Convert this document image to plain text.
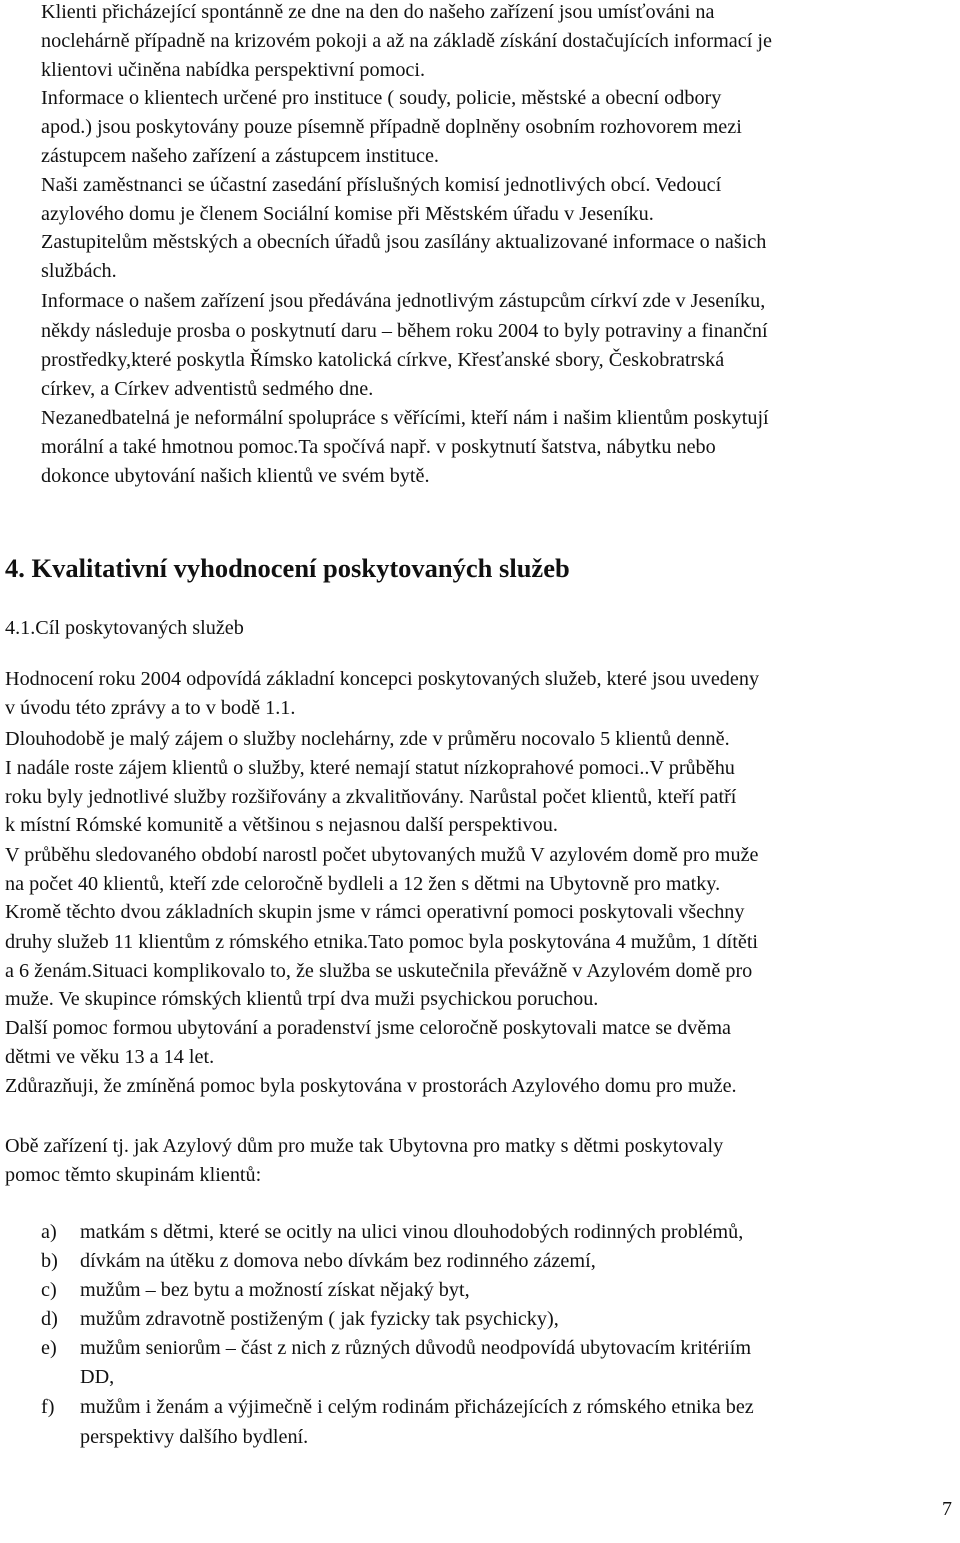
Klienti přicházející spontánně ze dne na den do našeho zařízení jsou umísťováni na
noclehárně případně na krizovém pokoji a až na základě získání dostačujících informací je
klientovi učiněna nabídka perspektivní pomoci.
Informace o klientech určené pro instituce ( soudy, policie, městské a obecní odbory
apod.) jsou poskytovány pouze písemně případně doplněny osobním rozhovorem mezi
zástupcem našeho zařízení a zástupcem instituce.
Naši zaměstnanci se účastní zasedání příslušných komisí jednotlivých obcí. Vedoucí
azylového domu je členem Sociální komise při Městském úřadu v Jeseníku.
Zastupitelům městských a obecních úřadů jsou zasílány aktualizované informace o našich
službách.
Informace o našem zařízení jsou předávána jednotlivým zástupcům církví zde v Jeseníku,
někdy následuje prosba o poskytnutí daru – během roku 2004 to byly potraviny a finanční
prostředky,které poskytla Římsko katolická církve, Křesťanské sbory, Českobratrská
církev, a Církev adventistů sedmého dne.
Nezanedbatelná je neformální spolupráce s věřícími, kteří nám i našim klientům poskytují
morální a také hmotnou pomoc.Ta spočívá např. v poskytnutí šatstva, nábytku nebo
dokonce ubytování našich klientů ve svém bytě.
4. Kvalitativní vyhodnocení poskytovaných služeb
4.1.Cíl poskytovaných služeb
Hodnocení roku 2004 odpovídá základní koncepci poskytovaných služeb, které jsou uvedeny
v úvodu této zprávy a to v bodě 1.1.
Dlouhodobě je malý zájem o služby noclehárny, zde v průměru nocovalo 5 klientů denně.
I nadále roste zájem klientů o služby, které nemají statut nízkoprahové pomoci..V průběhu
roku byly jednotlivé služby rozšiřovány a zkvalitňovány. Narůstal počet klientů, kteří patří
k místní Rómské komunitě a většinou s nejasnou další perspektivou.
V průběhu sledovaného období narostl počet ubytovaných mužů V azylovém domě pro muže
na počet 40 klientů, kteří zde celoročně bydleli a 12 žen s dětmi na Ubytovně pro matky.
Kromě těchto dvou základních skupin jsme v rámci operativní pomoci poskytovali všechny
druhy služeb 11 klientům z rómského etnika.Tato pomoc byla poskytována 4 mužům, 1 dítěti
a 6 ženám.Situaci komplikovalo to, že služba se uskutečnila převážně v Azylovém domě pro
muže. Ve skupince rómských klientů trpí dva muži psychickou poruchou.
Další pomoc formou ubytování a poradenství jsme celoročně poskytovali matce se dvěma
dětmi ve věku 13 a 14 let.
Zdůrazňuji, že zmíněná pomoc byla poskytována v prostorách Azylového domu pro muže.
Obě zařízení tj. jak Azylový dům pro muže tak Ubytovna pro matky s dětmi poskytovaly
pomoc těmto skupinám klientů:
a)	matkám s dětmi, které se ocitly na ulici vinou dlouhodobých rodinných problémů,
b)	dívkám na útěku z domova nebo dívkám bez rodinného zázemí,
c)	mužům – bez bytu a možností získat nějaký byt,
d)	mužům zdravotně postiženým ( jak fyzicky tak psychicky),
e)	mužům seniorům – část z nich z různých důvodů neodpovídá ubytovacím kritériím
DD,
f)	mužům i ženám a výjimečně i celým rodinám přicházejících z rómského etnika bez
perspektivy dalšího bydlení.
7
